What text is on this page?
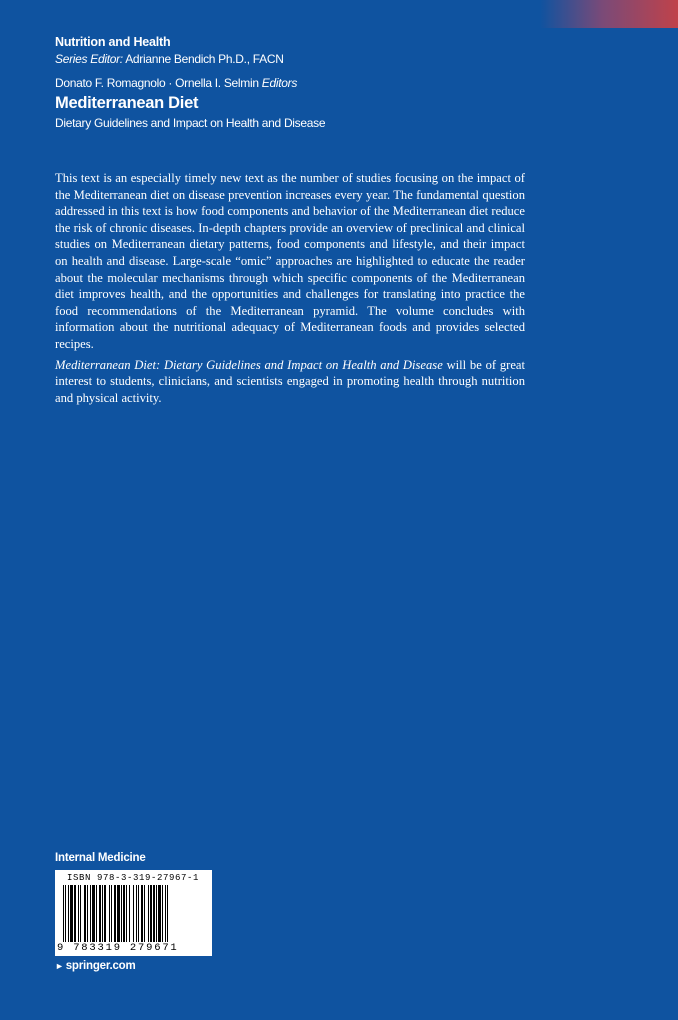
Nutrition and Health
Series Editor: Adrianne Bendich Ph.D., FACN
Donato F. Romagnolo · Ornella I. Selmin Editors
Mediterranean Diet
Dietary Guidelines and Impact on Health and Disease

This text is an especially timely new text as the number of studies focusing on the impact of the Mediterranean diet on disease prevention increases every year. The fundamental question addressed in this text is how food components and behavior of the Mediterranean diet reduce the risk of chronic diseases. In-depth chapters provide an overview of preclinical and clinical studies on Mediterranean dietary patterns, food components and lifestyle, and their impact on health and disease. Large-scale “omic” approaches are highlighted to educate the reader about the molecular mechanisms through which specific components of the Mediterranean diet improves health, and the opportunities and challenges for translating into practice the food recommendations of the Mediterranean pyramid. The volume concludes with information about the nutritional adequacy of Mediterranean foods and provides selected recipes.

Mediterranean Diet: Dietary Guidelines and Impact on Health and Disease will be of great interest to students, clinicians, and scientists engaged in promoting health through nutrition and physical activity.

Internal Medicine
ISBN 978-3-319-27967-1
9 783319 279671
► springer.com
